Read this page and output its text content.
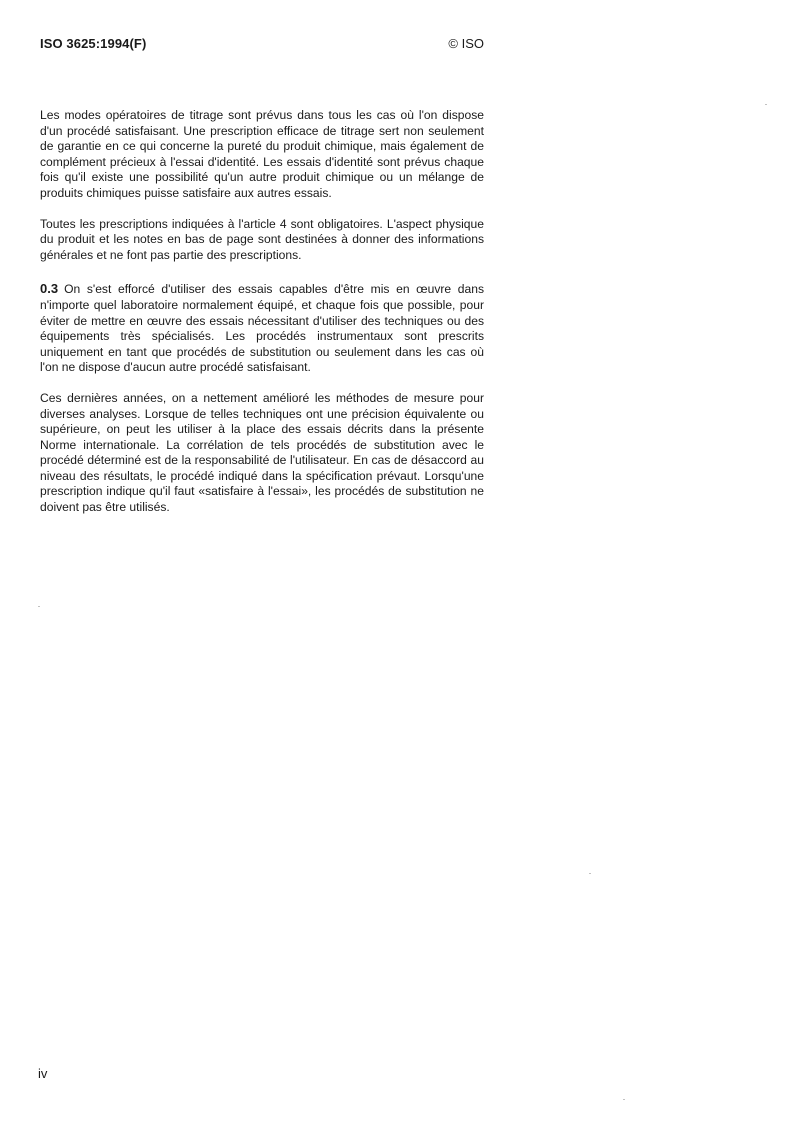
ISO 3625:1994(F)	© ISO

Les modes opératoires de titrage sont prévus dans tous les cas où l'on dispose d'un procédé satisfaisant. Une prescription efficace de titrage sert non seulement de garantie en ce qui concerne la pureté du produit chimique, mais également de complément précieux à l'essai d'identité. Les essais d'identité sont prévus chaque fois qu'il existe une possibilité qu'un autre produit chimique ou un mélange de produits chimiques puisse satisfaire aux autres essais.

Toutes les prescriptions indiquées à l'article 4 sont obligatoires. L'aspect physique du produit et les notes en bas de page sont destinées à donner des informations générales et ne font pas partie des prescriptions.

0.3 On s'est efforcé d'utiliser des essais capables d'être mis en œuvre dans n'importe quel laboratoire normalement équipé, et chaque fois que possible, pour éviter de mettre en œuvre des essais nécessitant d'utiliser des techniques ou des équipements très spécialisés. Les procédés instrumentaux sont prescrits uniquement en tant que procédés de substitution ou seulement dans les cas où l'on ne dispose d'aucun autre procédé satisfaisant.

Ces dernières années, on a nettement amélioré les méthodes de mesure pour diverses analyses. Lorsque de telles techniques ont une précision équivalente ou supérieure, on peut les utiliser à la place des essais décrits dans la présente Norme internationale. La corrélation de tels procédés de substitution avec le procédé déterminé est de la responsabilité de l'utilisateur. En cas de désaccord au niveau des résultats, le procédé indiqué dans la spécification prévaut. Lorsqu'une prescription indique qu'il faut «satisfaire à l'essai», les procédés de substitution ne doivent pas être utilisés.

iv
